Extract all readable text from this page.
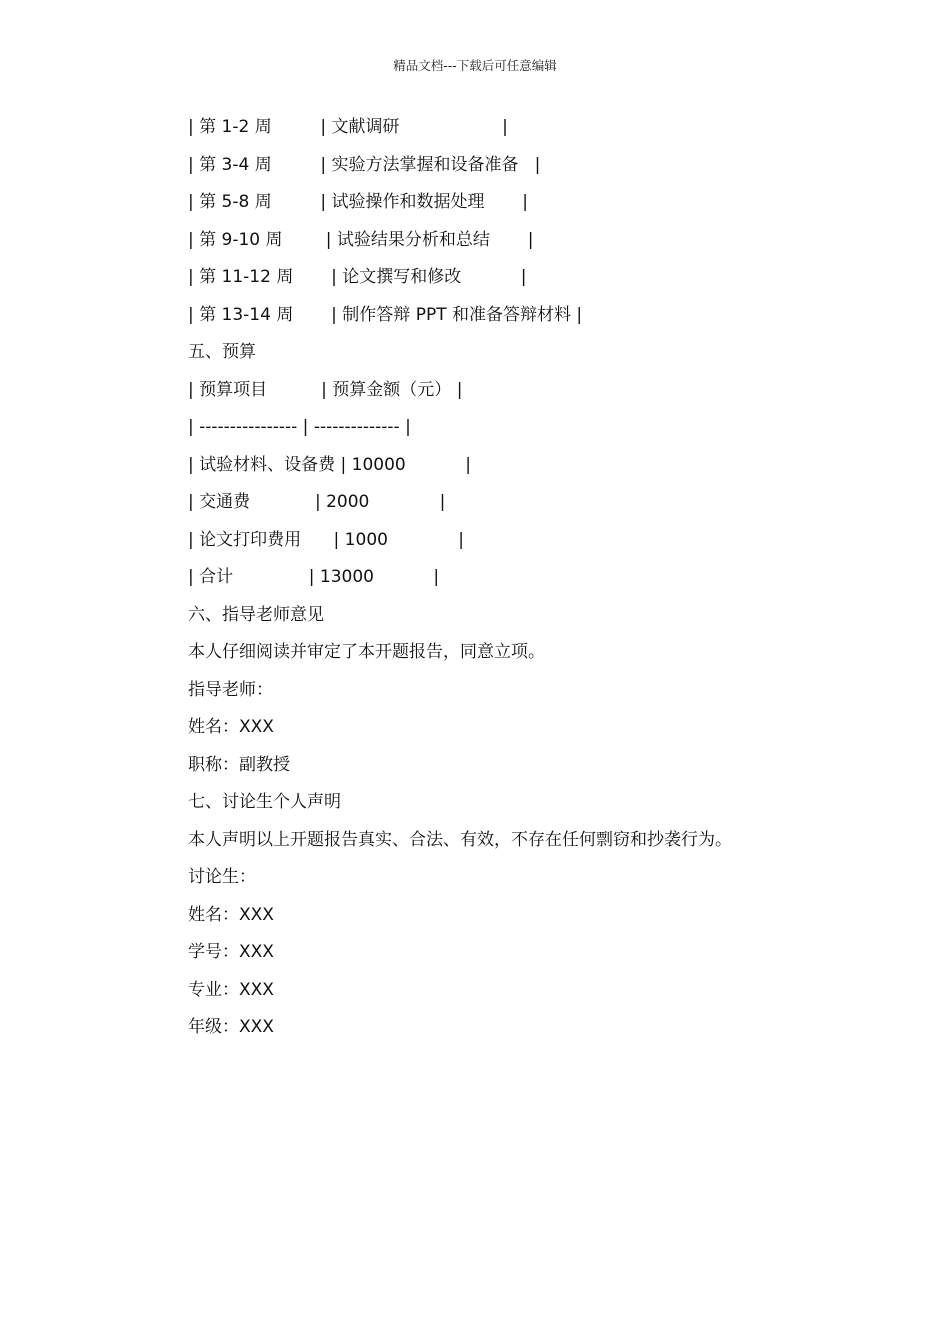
精品文档---下载后可任意编辑
| 第 1-2 周         | 文献调研                   |
| 第 3-4 周         | 实验方法掌握和设备准备   |
| 第 5-8 周         | 试验操作和数据处理       |
| 第 9-10 周        | 试验结果分析和总结       |
| 第 11-12 周       | 论文撰写和修改           |
| 第 13-14 周       | 制作答辩 PPT 和准备答辩材料 |
五、预算
| 预算项目          | 预算金额（元） |
| ---------------- | -------------- |
| 试验材料、设备费 | 10000           |
| 交通费            | 2000             |
| 论文打印费用      | 1000             |
| 合计              | 13000           |
六、指导老师意见
本人仔细阅读并审定了本开题报告，同意立项。
指导老师：
姓名：XXX
职称：副教授
七、讨论生个人声明
本人声明以上开题报告真实、合法、有效，不存在任何剽窃和抄袭行为。
讨论生：
姓名：XXX
学号：XXX
专业：XXX
年级：XXX
